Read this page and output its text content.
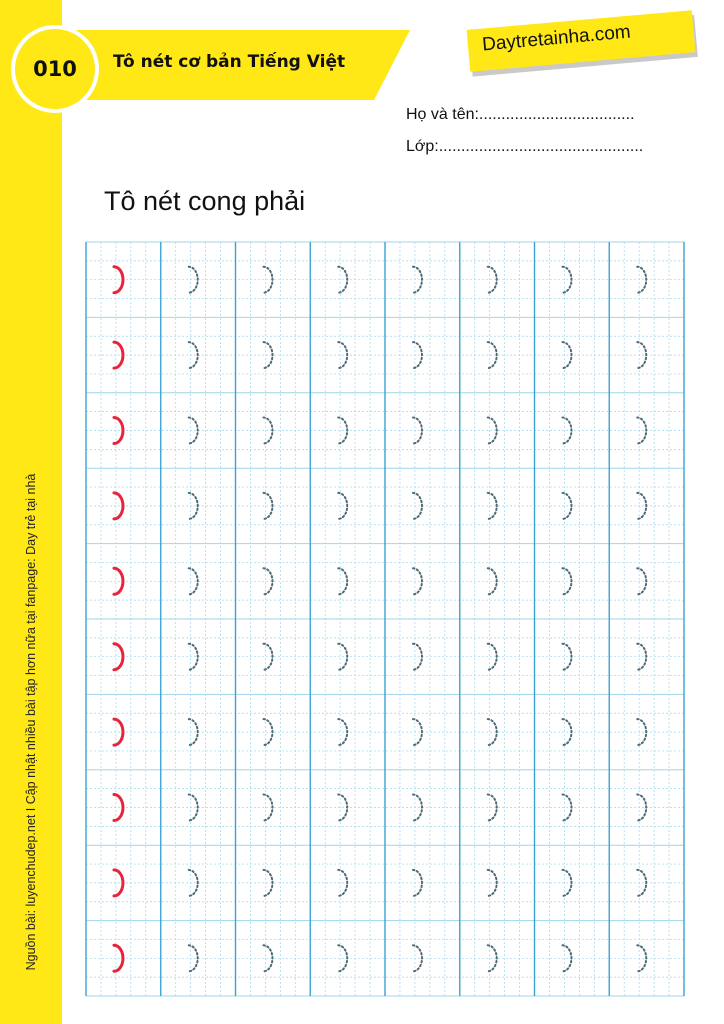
Nguồn bài: luyenchudep.net I Cập nhật nhiều bài tập hơn nữa tại fanpage: Day trẻ tại nhà
Tô nét cơ bản Tiếng Việt
010
Daytretainha.com
Họ và tên:...................................
Lớp:..............................................
Tô nét cong phải
